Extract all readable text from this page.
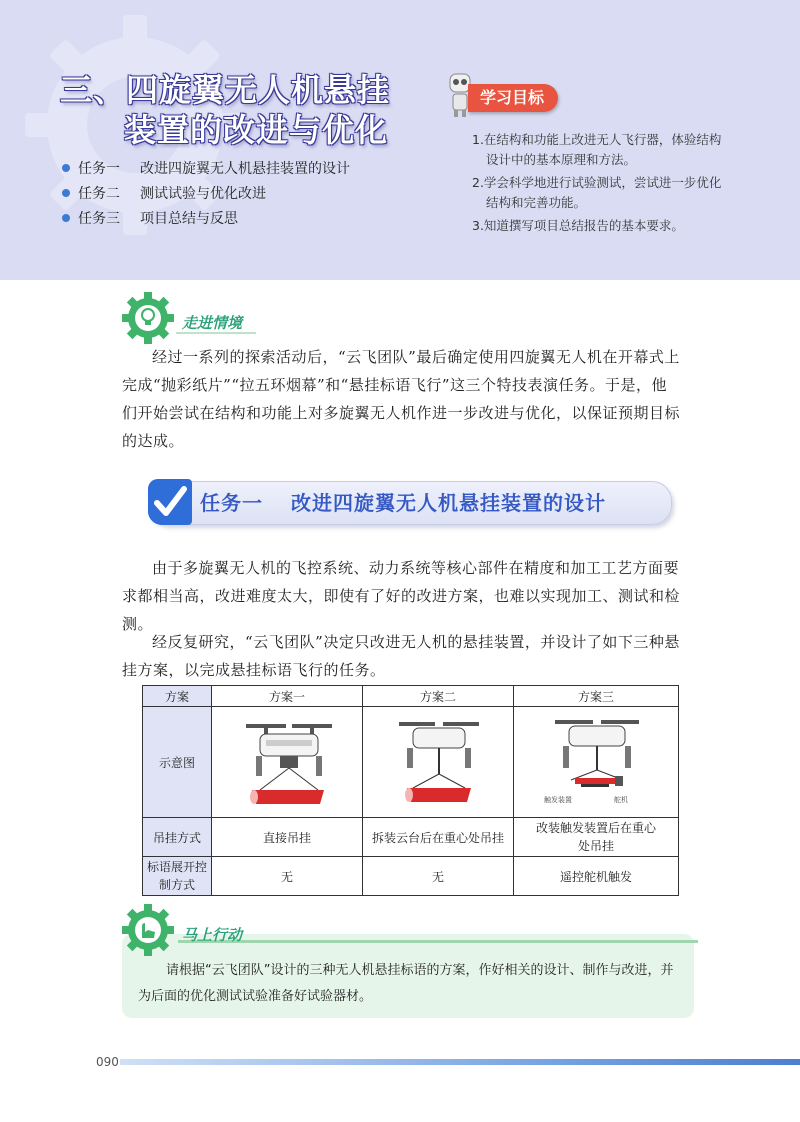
三、四旋翼无人机悬挂
装置的改进与优化
任务一 改进四旋翼无人机悬挂装置的设计
任务二 测试试验与优化改进
任务三 项目总结与反思
学习目标
1.在结构和功能上改进无人飞行器，体验结构设计中的基本原理和方法。
2.学会科学地进行试验测试，尝试进一步优化结构和完善功能。
3.知道撰写项目总结报告的基本要求。
走进情境

经过一系列的探索活动后，“云飞团队”最后确定使用四旋翼无人机在开幕式上完成“抛彩纸片”“拉五环烟幕”和“悬挂标语飞行”这三个特技表演任务。于是，他们开始尝试在结构和功能上对多旋翼无人机作进一步改进与优化，以保证预期目标的达成。

任务一 改进四旋翼无人机悬挂装置的设计

由于多旋翼无人机的飞控系统、动力系统等核心部件在精度和加工工艺方面要求都相当高，改进难度太大，即使有了好的改进方案，也难以实现加工、测试和检测。

经反复研究，“云飞团队”决定只改进无人机的悬挂装置，并设计了如下三种悬挂方案，以完成悬挂标语飞行的任务。

方案	方案一	方案二	方案三
示意图			触发装置 舵机

吊挂方式	直接吊挂	拆装云台后在重心处吊挂	改装触发装置后在重心处吊挂
标语展开控制方式	无	无	遥控舵机触发
马上行动

请根据“云飞团队”设计的三种无人机悬挂标语的方案，作好相关的设计、制作与改进，并为后面的优化测试试验准备好试验器材。

090
